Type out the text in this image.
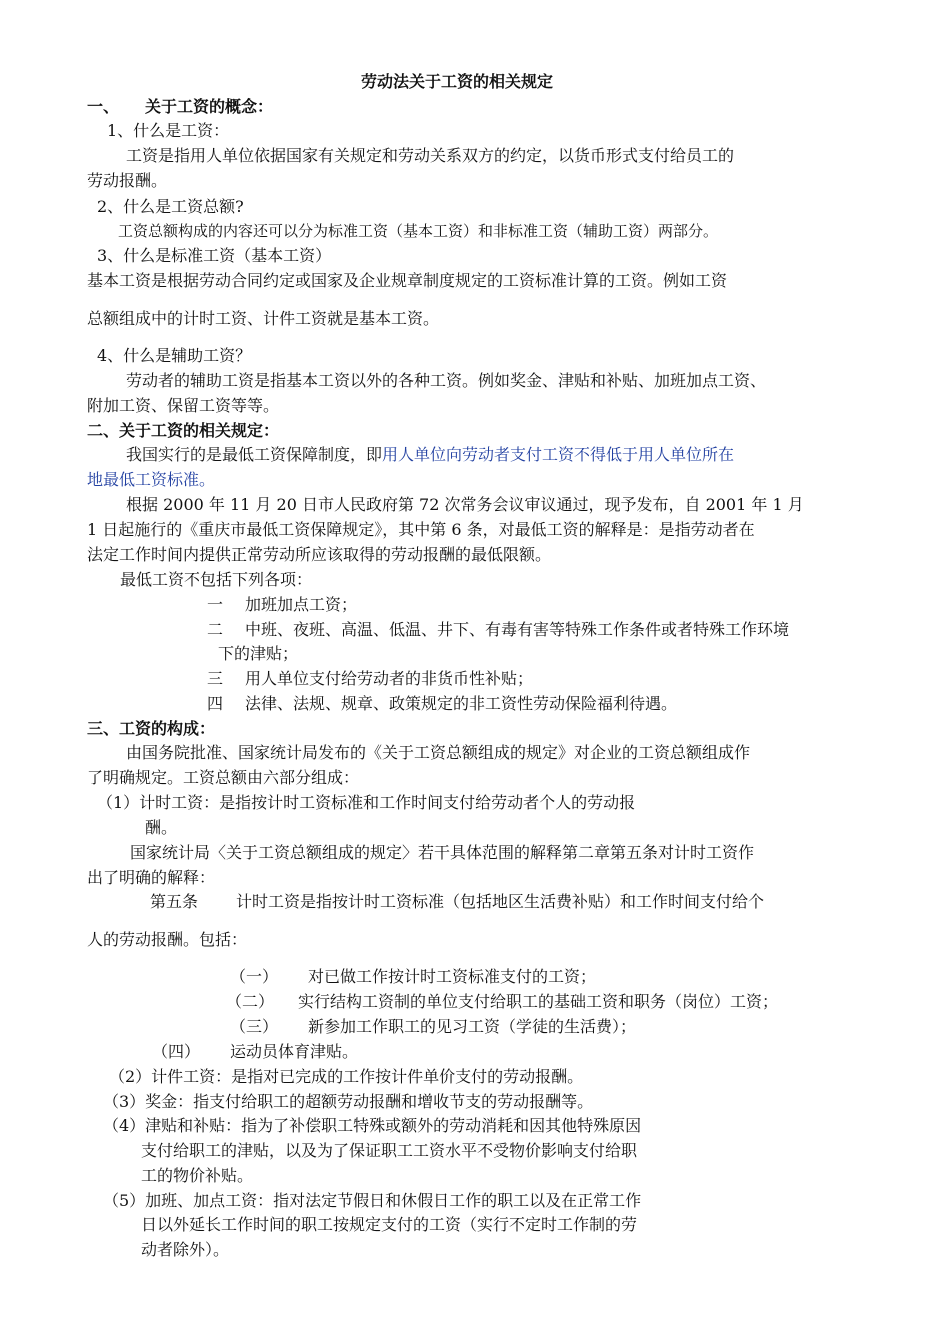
劳动法关于工资的相关规定
一、 关于工资的概念：
1、什么是工资：
工资是指用人单位依据国家有关规定和劳动关系双方的约定，以货币形式支付给员工的
劳动报酬。
2、什么是工资总额?
工资总额构成的内容还可以分为标准工资（基本工资）和非标准工资（辅助工资）两部分。
3、什么是标准工资（基本工资）
基本工资是根据劳动合同约定或国家及企业规章制度规定的工资标准计算的工资。例如工资
总额组成中的计时工资、计件工资就是基本工资。
4、什么是辅助工资？
劳动者的辅助工资是指基本工资以外的各种工资。例如奖金、津贴和补贴、加班加点工资、
附加工资、保留工资等等。
二、关于工资的相关规定：
我国实行的是最低工资保障制度，即用人单位向劳动者支付工资不得低于用人单位所在
地最低工资标准。
根据 2000 年 11 月 20 日市人民政府第 72 次常务会议审议通过，现予发布，自 2001 年 1 月
1 日起施行的《重庆市最低工资保障规定》，其中第 6 条，对最低工资的解释是：是指劳动者在
法定工作时间内提供正常劳动所应该取得的劳动报酬的最低限额。
最低工资不包括下列各项：
一 加班加点工资；
二 中班、夜班、高温、低温、井下、有毒有害等特殊工作条件或者特殊工作环境
下的津贴；
三 用人单位支付给劳动者的非货币性补贴；
四 法律、法规、规章、政策规定的非工资性劳动保险福利待遇。
三、工资的构成：
由国务院批准、国家统计局发布的《关于工资总额组成的规定》对企业的工资总额组成作
了明确规定。工资总额由六部分组成：
（1）计时工资：是指按计时工资标准和工作时间支付给劳动者个人的劳动报
酬。
国家统计局〈关于工资总额组成的规定〉若干具体范围的解释第二章第五条对计时工资作
出了明确的解释：
第五条 计时工资是指按计时工资标准（包括地区生活费补贴）和工作时间支付给个
人的劳动报酬。包括：
（一） 对已做工作按计时工资标准支付的工资；
（二） 实行结构工资制的单位支付给职工的基础工资和职务（岗位）工资；
（三） 新参加工作职工的见习工资（学徒的生活费）；
（四） 运动员体育津贴。
（2）计件工资：是指对已完成的工作按计件单价支付的劳动报酬。
（3）奖金：指支付给职工的超额劳动报酬和增收节支的劳动报酬等。
（4）津贴和补贴：指为了补偿职工特殊或额外的劳动消耗和因其他特殊原因
支付给职工的津贴，以及为了保证职工工资水平不受物价影响支付给职
工的物价补贴。
（5）加班、加点工资：指对法定节假日和休假日工作的职工以及在正常工作
日以外延长工作时间的职工按规定支付的工资（实行不定时工作制的劳
动者除外）。
